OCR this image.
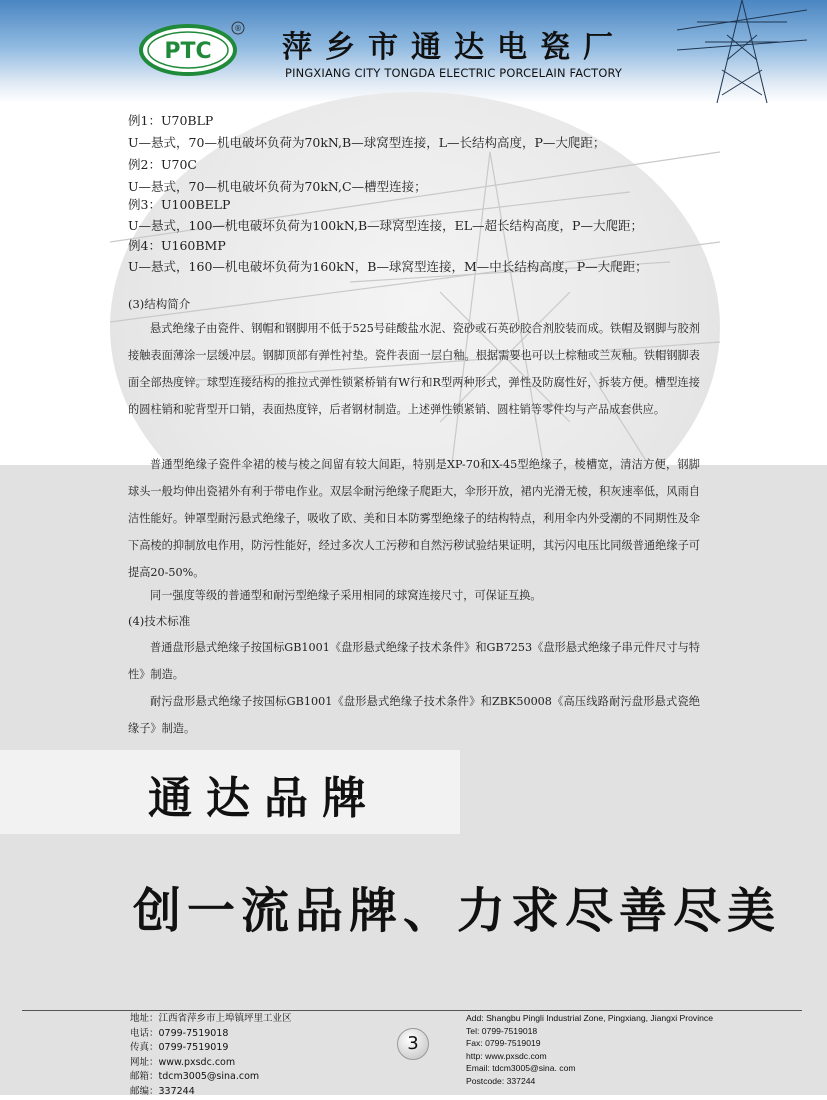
PTC
®
萍乡市通达电瓷厂
PINGXIANG CITY TONGDA ELECTRIC PORCELAIN FACTORY
例1：U70BLP
U—悬式，70—机电破坏负荷为70kN,B—球窝型连接，L—长结构高度，P—大爬距；
例2：U70C
U—悬式，70—机电破坏负荷为70kN,C—槽型连接；
例3：U100BELP
U—悬式，100—机电破坏负荷为100kN,B—球窝型连接，EL—超长结构高度，P—大爬距；
例4：U160BMP
U—悬式，160—机电破坏负荷为160kN，B—球窝型连接，M—中长结构高度，P—大爬距；
(3)结构简介
悬式绝缘子由瓷件、钢帽和钢脚用不低于525号硅酸盐水泥、瓷砂或石英砂胶合剂胶装而成。铁帽及钢脚与胶剂接触表面薄涂一层缓冲层。钢脚顶部有弹性衬垫。瓷件表面一层白釉。根据需要也可以上棕釉或兰灰釉。铁帽钢脚表面全部热度锌。球型连接结构的推拉式弹性锁紧桥销有W行和R型两种形式，弹性及防腐性好，拆装方便。槽型连接的圆柱销和驼背型开口销，表面热度锌，后者钢材制造。上述弹性锁紧销、圆柱销等零件均与产品成套供应。
普通型绝缘子瓷件伞裙的棱与棱之间留有较大间距，特别是XP-70和X-45型绝缘子，棱槽宽，清洁方便，钢脚球头一般均伸出瓷裙外有利于带电作业。双层伞耐污绝缘子爬距大，伞形开放，裙内光滑无棱，积灰速率低，风雨自洁性能好。钟罩型耐污悬式绝缘子，吸收了欧、美和日本防雾型绝缘子的结构特点，利用伞内外受潮的不同期性及伞下高棱的抑制放电作用，防污性能好，经过多次人工污秽和自然污秽试验结果证明，其污闪电压比同级普通绝缘子可提高20-50%。
同一强度等级的普通型和耐污型绝缘子采用相同的球窝连接尺寸，可保证互换。
(4)技术标准
普通盘形悬式绝缘子按国标GB1001《盘形悬式绝缘子技术条件》和GB7253《盘形悬式绝缘子串元件尺寸与特性》制造。
耐污盘形悬式绝缘子按国标GB1001《盘形悬式绝缘子技术条件》和ZBK50008《高压线路耐污盘形悬式瓷绝缘子》制造。
通达品牌
创一流品牌、力求尽善尽美
地址：江西省萍乡市上埠镇坪里工业区
电话：0799-7519018
传真：0799-7519019
网址：www.pxsdc.com
邮箱：tdcm3005@sina.com
邮编：337244
3
Add: Shangbu Pingli Industrial Zone, Pingxiang, Jiangxi Province
Tel: 0799-7519018
Fax: 0799-7519019
http: www.pxsdc.com
Email: tdcm3005@sina. com
Postcode: 337244
